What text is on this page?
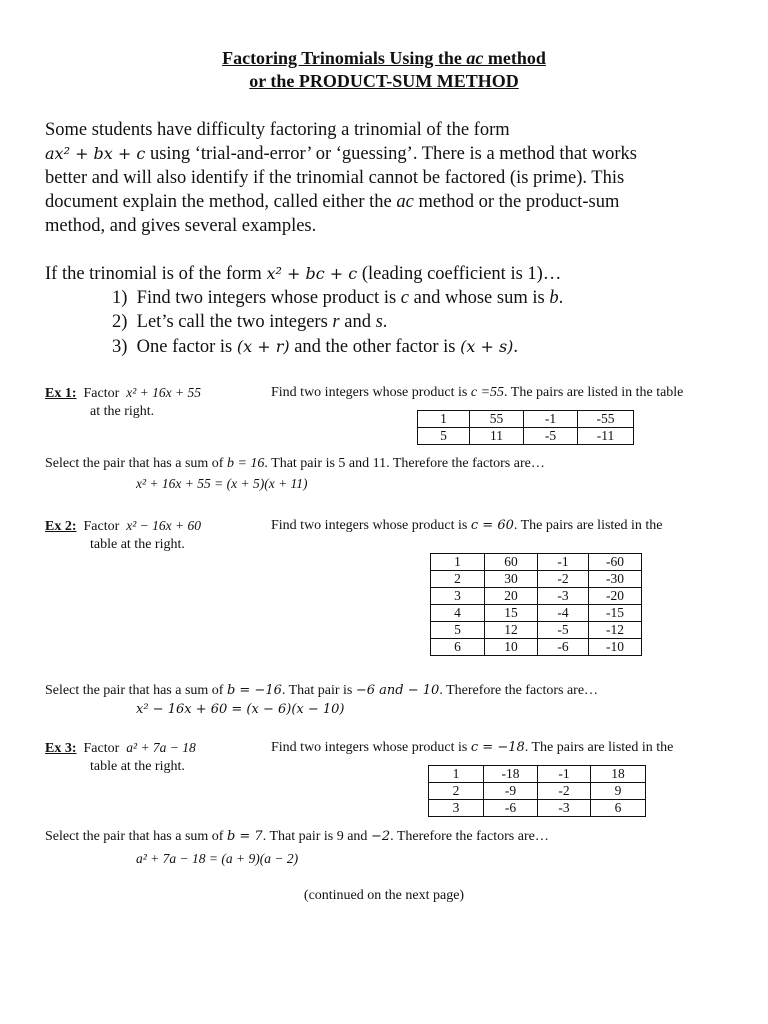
Factoring Trinomials Using the ac method
or the PRODUCT-SUM METHOD
Some students have difficulty factoring a trinomial of the form
ax² + bx + c using ‘trial-and-error’ or ‘guessing’. There is a method that works
better and will also identify if the trinomial cannot be factored (is prime). This
document explain the method, called either the ac method or the product-sum
method, and gives several examples.
If the trinomial is of the form x² + bc + c (leading coefficient is 1)…
1) Find two integers whose product is c and whose sum is b.
2) Let’s call the two integers r and s.
3) One factor is (x + r) and the other factor is (x + s).
Ex 1: Factor x² + 16x + 55
at the right.
Find two integers whose product is c =55. The pairs are listed in the table
1	55	-1	-55
5	11	-5	-11
Select the pair that has a sum of b = 16. That pair is 5 and 11. Therefore the factors are…
x² + 16x + 55 = (x + 5)(x + 11)
Ex 2: Factor x² − 16x + 60
table at the right.
Find two integers whose product is c = 60. The pairs are listed in the
1	60	-1	-60
2	30	-2	-30
3	20	-3	-20
4	15	-4	-15
5	12	-5	-12
6	10	-6	-10
Select the pair that has a sum of b = −16. That pair is −6 and − 10. Therefore the factors are…
x² − 16x + 60 = (x − 6)(x − 10)
Ex 3: Factor a² + 7a − 18
table at the right.
Find two integers whose product is c = −18. The pairs are listed in the
1	-18	-1	18
2	-9	-2	9
3	-6	-3	6
Select the pair that has a sum of b = 7. That pair is 9 and −2. Therefore the factors are…
a² + 7a − 18 = (a + 9)(a − 2)
(continued on the next page)
